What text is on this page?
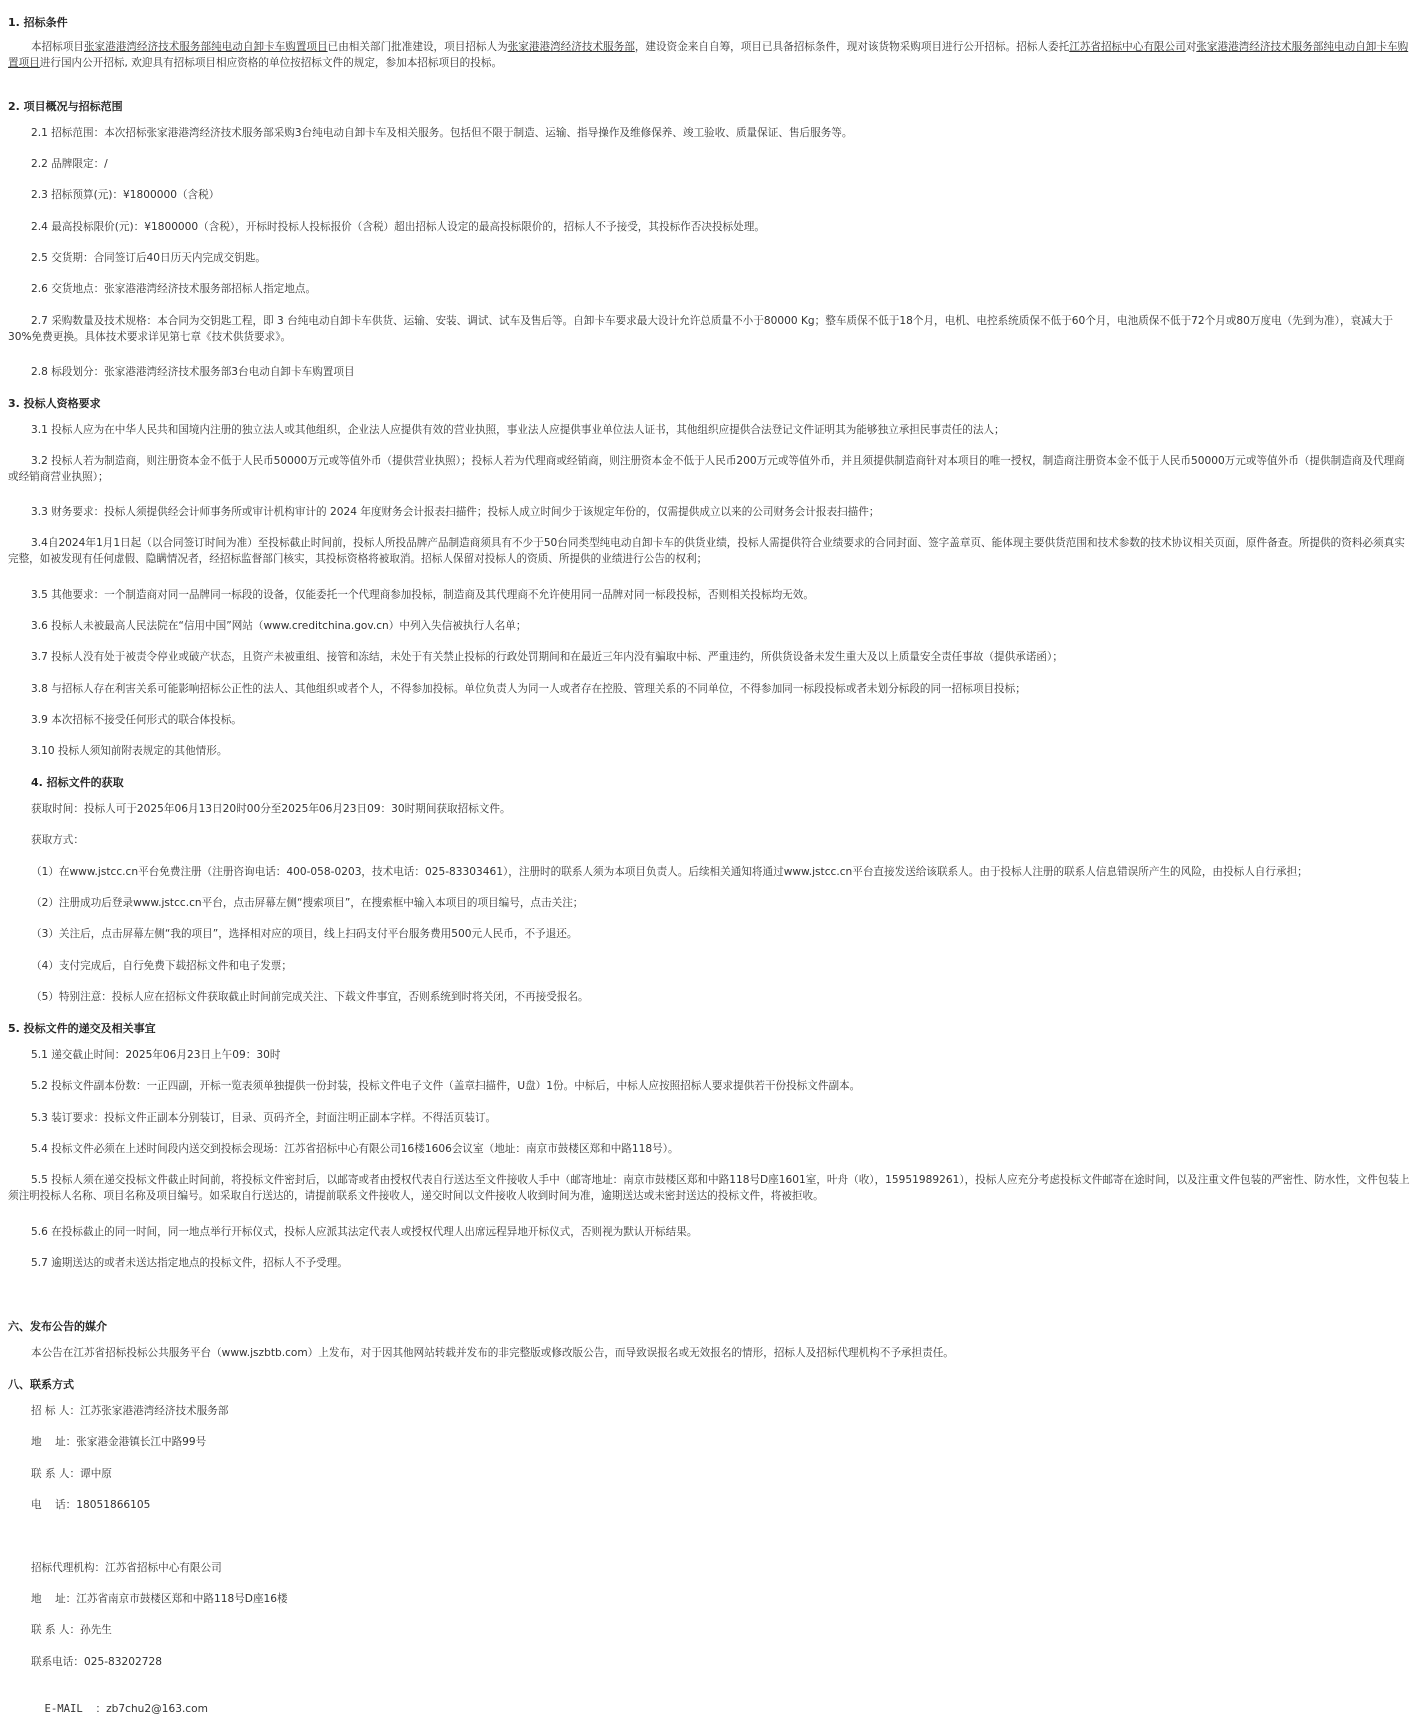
1. 招标条件

本招标项目张家港港湾经济技术服务部纯电动自卸卡车购置项目已由相关部门批准建设，项目招标人为张家港港湾经济技术服务部，建设资金来自自筹，项目已具备招标条件，现对该货物采购项目进行公开招标。招标人委托江苏省招标中心有限公司对张家港港湾经济技术服务部纯电动自卸卡车购置项目进行国内公开招标, 欢迎具有招标项目相应资格的单位按招标文件的规定，参加本招标项目的投标。

2. 项目概况与招标范围

2.1 招标范围：本次招标张家港港湾经济技术服务部采购3台纯电动自卸卡车及相关服务。包括但不限于制造、运输、指导操作及维修保养、竣工验收、质量保证、售后服务等。

2.2 品牌限定：/

2.3 招标预算(元)：¥1800000（含税）

2.4 最高投标限价(元)：¥1800000（含税），开标时投标人投标报价（含税）超出招标人设定的最高投标限价的，招标人不予接受，其投标作否决投标处理。

2.5 交货期：合同签订后40日历天内完成交钥匙。

2.6 交货地点：张家港港湾经济技术服务部招标人指定地点。

2.7 采购数量及技术规格：本合同为交钥匙工程，即 3 台纯电动自卸卡车供货、运输、安装、调试、试车及售后等。自卸卡车要求最大设计允许总质量不小于80000 Kg；整车质保不低于18个月，电机、电控系统质保不低于60个月，电池质保不低于72个月或80万度电（先到为准），衰减大于30%免费更换。具体技术要求详见第七章《技术供货要求》。

2.8 标段划分：张家港港湾经济技术服务部3台电动自卸卡车购置项目

3. 投标人资格要求

3.1 投标人应为在中华人民共和国境内注册的独立法人或其他组织，企业法人应提供有效的营业执照，事业法人应提供事业单位法人证书，其他组织应提供合法登记文件证明其为能够独立承担民事责任的法人；

3.2 投标人若为制造商，则注册资本金不低于人民币50000万元或等值外币（提供营业执照）；投标人若为代理商或经销商，则注册资本金不低于人民币200万元或等值外币，并且须提供制造商针对本项目的唯一授权，制造商注册资本金不低于人民币50000万元或等值外币（提供制造商及代理商或经销商营业执照）；

3.3 财务要求：投标人须提供经会计师事务所或审计机构审计的 2024 年度财务会计报表扫描件；投标人成立时间少于该规定年份的，仅需提供成立以来的公司财务会计报表扫描件；

3.4自2024年1月1日起（以合同签订时间为准）至投标截止时间前，投标人所投品牌产品制造商须具有不少于50台同类型纯电动自卸卡车的供货业绩，投标人需提供符合业绩要求的合同封面、签字盖章页、能体现主要供货范围和技术参数的技术协议相关页面，原件备查。所提供的资料必须真实完整，如被发现有任何虚假、隐瞒情况者，经招标监督部门核实，其投标资格将被取消。招标人保留对投标人的资质、所提供的业绩进行公告的权利；

3.5 其他要求：一个制造商对同一品牌同一标段的设备，仅能委托一个代理商参加投标，制造商及其代理商不允许使用同一品牌对同一标段投标，否则相关投标均无效。

3.6 投标人未被最高人民法院在“信用中国”网站（www.creditchina.gov.cn）中列入失信被执行人名单；

3.7 投标人没有处于被责令停业或破产状态，且资产未被重组、接管和冻结，未处于有关禁止投标的行政处罚期间和在最近三年内没有骗取中标、严重违约，所供货设备未发生重大及以上质量安全责任事故（提供承诺函）；

3.8 与招标人存在利害关系可能影响招标公正性的法人、其他组织或者个人，不得参加投标。单位负责人为同一人或者存在控股、管理关系的不同单位，不得参加同一标段投标或者未划分标段的同一招标项目投标；

3.9 本次招标不接受任何形式的联合体投标。

3.10 投标人须知前附表规定的其他情形。

4. 招标文件的获取

获取时间：投标人可于2025年06月13日20时00分至2025年06月23日09：30时期间获取招标文件。

获取方式：

（1）在www.jstcc.cn平台免费注册（注册咨询电话：400-058-0203，技术电话：025-83303461），注册时的联系人须为本项目负责人。后续相关通知将通过www.jstcc.cn平台直接发送给该联系人。由于投标人注册的联系人信息错误所产生的风险，由投标人自行承担；

（2）注册成功后登录www.jstcc.cn平台，点击屏幕左侧“搜索项目”，在搜索框中输入本项目的项目编号，点击关注；

（3）关注后，点击屏幕左侧“我的项目”，选择相对应的项目，线上扫码支付平台服务费用500元人民币，不予退还。

（4）支付完成后，自行免费下载招标文件和电子发票；

（5）特别注意：投标人应在招标文件获取截止时间前完成关注、下载文件事宜，否则系统到时将关闭，不再接受报名。

5. 投标文件的递交及相关事宜

5.1 递交截止时间：2025年06月23日上午09：30时

5.2 投标文件副本份数：一正四副，开标一览表须单独提供一份封装，投标文件电子文件（盖章扫描件，U盘）1份。中标后，中标人应按照招标人要求提供若干份投标文件副本。

5.3 装订要求：投标文件正副本分别装订，目录、页码齐全，封面注明正副本字样。不得活页装订。

5.4 投标文件必须在上述时间段内送交到投标会现场：江苏省招标中心有限公司16楼1606会议室（地址：南京市鼓楼区郑和中路118号）。

5.5 投标人须在递交投标文件截止时间前，将投标文件密封后，以邮寄或者由授权代表自行送达至文件接收人手中（邮寄地址：南京市鼓楼区郑和中路118号D座1601室，叶舟（收），15951989261），投标人应充分考虑投标文件邮寄在途时间，以及注重文件包装的严密性、防水性，文件包装上须注明投标人名称、项目名称及项目编号。如采取自行送达的，请提前联系文件接收人，递交时间以文件接收人收到时间为准，逾期送达或未密封送达的投标文件，将被拒收。

5.6 在投标截止的同一时间，同一地点举行开标仪式，投标人应派其法定代表人或授权代理人出席远程异地开标仪式，否则视为默认开标结果。

5.7 逾期送达的或者未送达指定地点的投标文件，招标人不予受理。

六、发布公告的媒介

本公告在江苏省招标投标公共服务平台（www.jszbtb.com）上发布，对于因其他网站转载并发布的非完整版或修改版公告，而导致误报名或无效报名的情形，招标人及招标代理机构不予承担责任。

八、联系方式

招 标 人：江苏张家港港湾经济技术服务部

地    址：张家港金港镇长江中路99号

联 系 人：谭中原

电    话：18051866105

招标代理机构：江苏省招标中心有限公司

地    址：江苏省南京市鼓楼区郑和中路118号D座16楼

联 系 人：孙先生

联系电话：025-83202728

E-MAIL  ：zb7chu2@163.com
